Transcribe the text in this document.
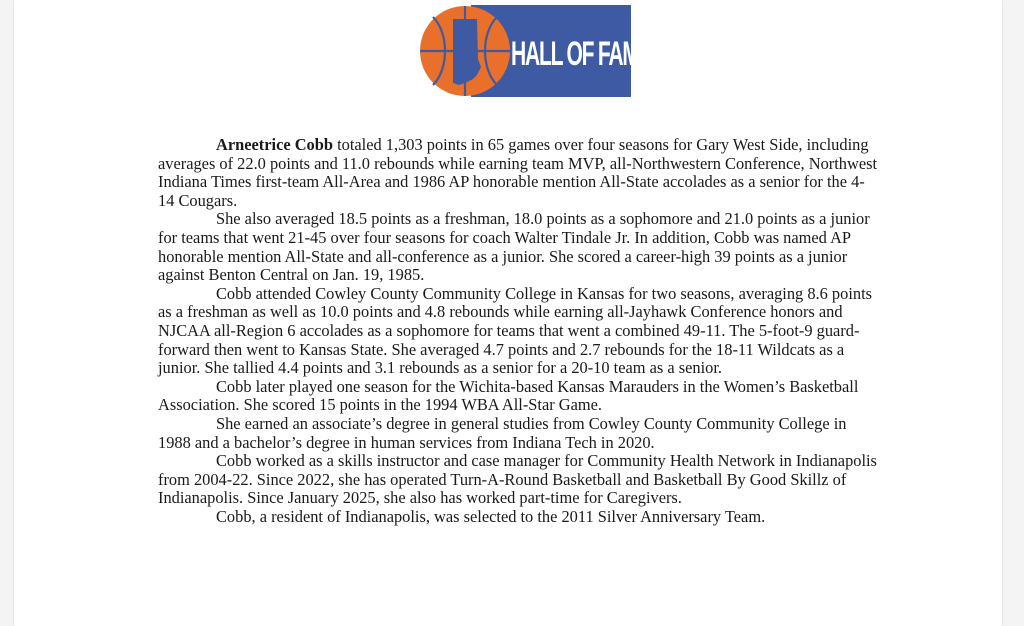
HALL OF FAME

Arneetrice Cobb totaled 1,303 points in 65 games over four seasons for Gary West Side, including averages of 22.0 points and 11.0 rebounds while earning team MVP, all-Northwestern Conference, Northwest Indiana Times first-team All-Area and 1986 AP honorable mention All-State accolades as a senior for the 4-14 Cougars.

She also averaged 18.5 points as a freshman, 18.0 points as a sophomore and 21.0 points as a junior for teams that went 21-45 over four seasons for coach Walter Tindale Jr. In addition, Cobb was named AP honorable mention All-State and all-conference as a junior. She scored a career-high 39 points as a junior against Benton Central on Jan. 19, 1985.

Cobb attended Cowley County Community College in Kansas for two seasons, averaging 8.6 points as a freshman as well as 10.0 points and 4.8 rebounds while earning all-Jayhawk Conference honors and NJCAA all-Region 6 accolades as a sophomore for teams that went a combined 49-11. The 5-foot-9 guard-forward then went to Kansas State. She averaged 4.7 points and 2.7 rebounds for the 18-11 Wildcats as a junior. She tallied 4.4 points and 3.1 rebounds as a senior for a 20-10 team as a senior.

Cobb later played one season for the Wichita-based Kansas Marauders in the Women’s Basketball Association. She scored 15 points in the 1994 WBA All-Star Game.

She earned an associate’s degree in general studies from Cowley County Community College in 1988 and a bachelor’s degree in human services from Indiana Tech in 2020.

Cobb worked as a skills instructor and case manager for Community Health Network in Indianapolis from 2004-22. Since 2022, she has operated Turn-A-Round Basketball and Basketball By Good Skillz of Indianapolis. Since January 2025, she also has worked part-time for Caregivers.

Cobb, a resident of Indianapolis, was selected to the 2011 Silver Anniversary Team.
